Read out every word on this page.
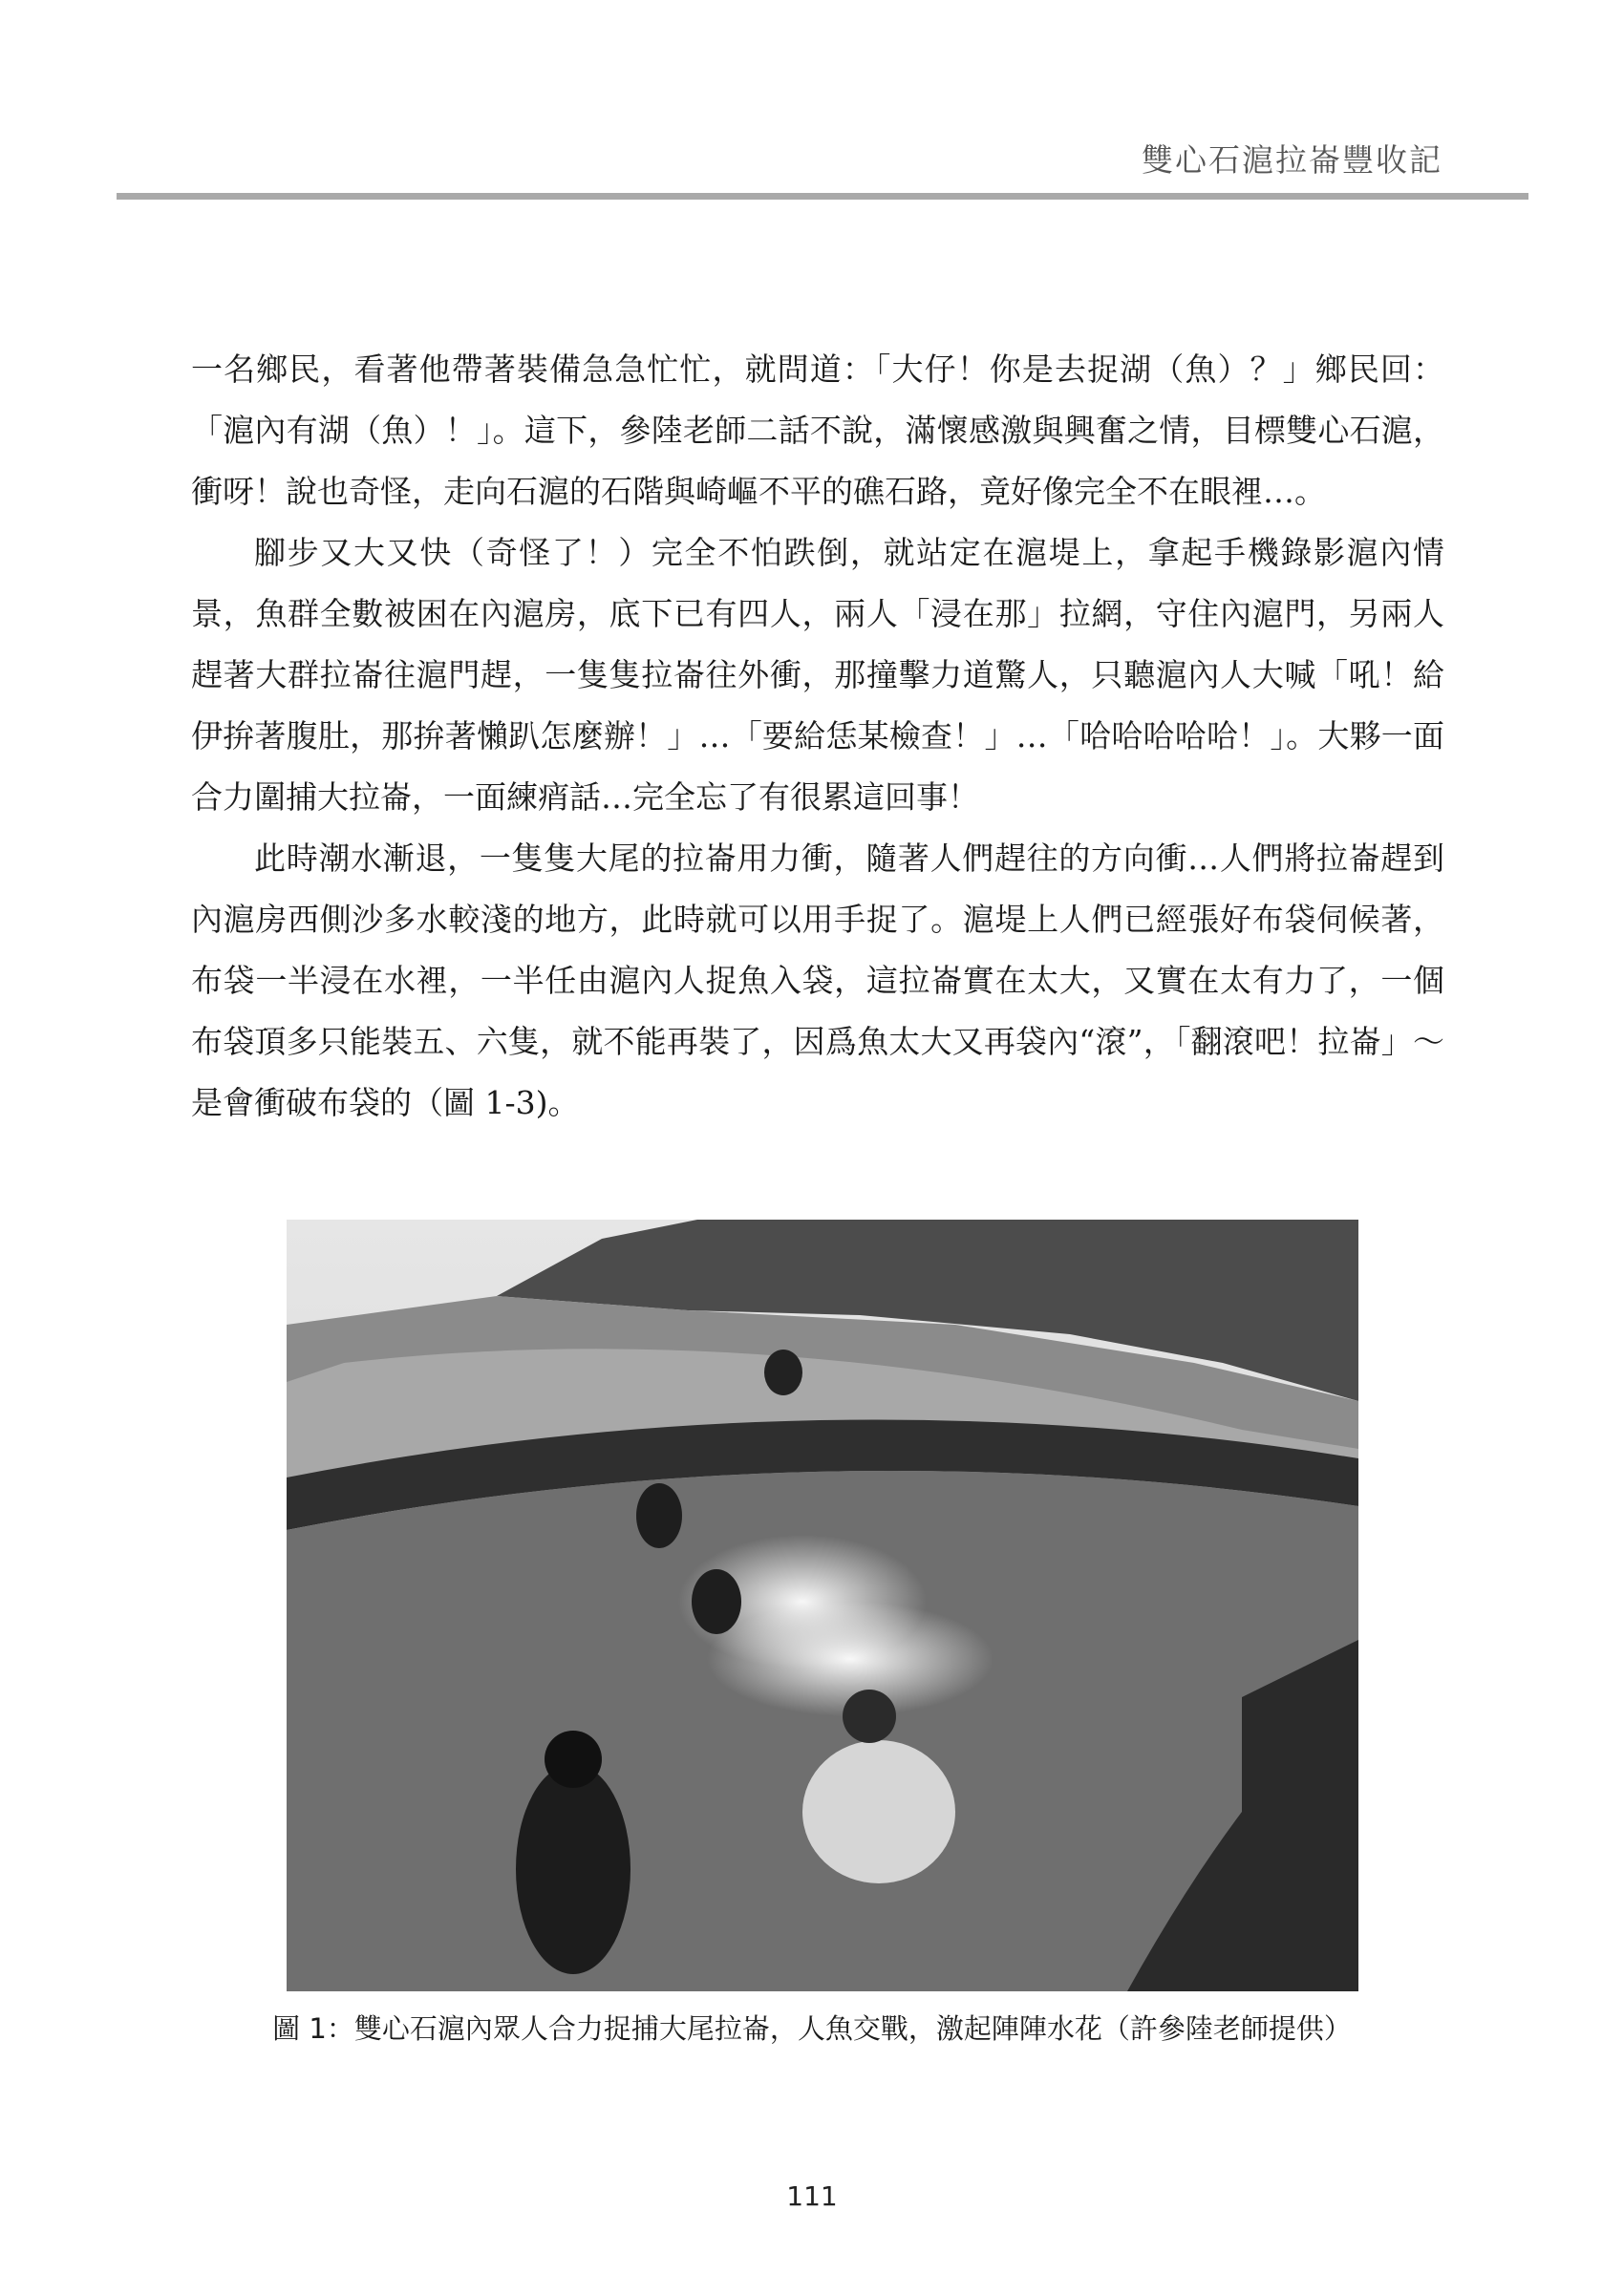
雙心石滬拉崙豐收記

一名鄉民，看著他帶著裝備急急忙忙，就問道：「大仔！你是去捉湖（魚）？」鄉民回：「滬內有湖（魚）！」。這下，參陸老師二話不說，滿懷感激與興奮之情，目標雙心石滬，衝呀！說也奇怪，走向石滬的石階與崎嶇不平的礁石路，竟好像完全不在眼裡…。

腳步又大又快（奇怪了！）完全不怕跌倒，就站定在滬堤上，拿起手機錄影滬內情景，魚群全數被困在內滬房，底下已有四人，兩人「浸在那」拉網，守住內滬門，另兩人趕著大群拉崙往滬門趕，一隻隻拉崙往外衝，那撞擊力道驚人，只聽滬內人大喊「吼！給伊拚著腹肚，那拚著懶趴怎麼辦！」…「要給恁某檢查！」…「哈哈哈哈哈！」。大夥一面合力圍捕大拉崙，一面練痟話…完全忘了有很累這回事！

此時潮水漸退，一隻隻大尾的拉崙用力衝，隨著人們趕往的方向衝…人們將拉崙趕到內滬房西側沙多水較淺的地方，此時就可以用手捉了。滬堤上人們已經張好布袋伺候著，布袋一半浸在水裡，一半任由滬內人捉魚入袋，這拉崙實在太大，又實在太有力了，一個布袋頂多只能裝五、六隻，就不能再裝了，因爲魚太大又再袋內“滾”，「翻滾吧！拉崙」～是會衝破布袋的（圖 1-3)。

圖 1：雙心石滬內眾人合力捉捕大尾拉崙，人魚交戰，激起陣陣水花（許參陸老師提供）
111
